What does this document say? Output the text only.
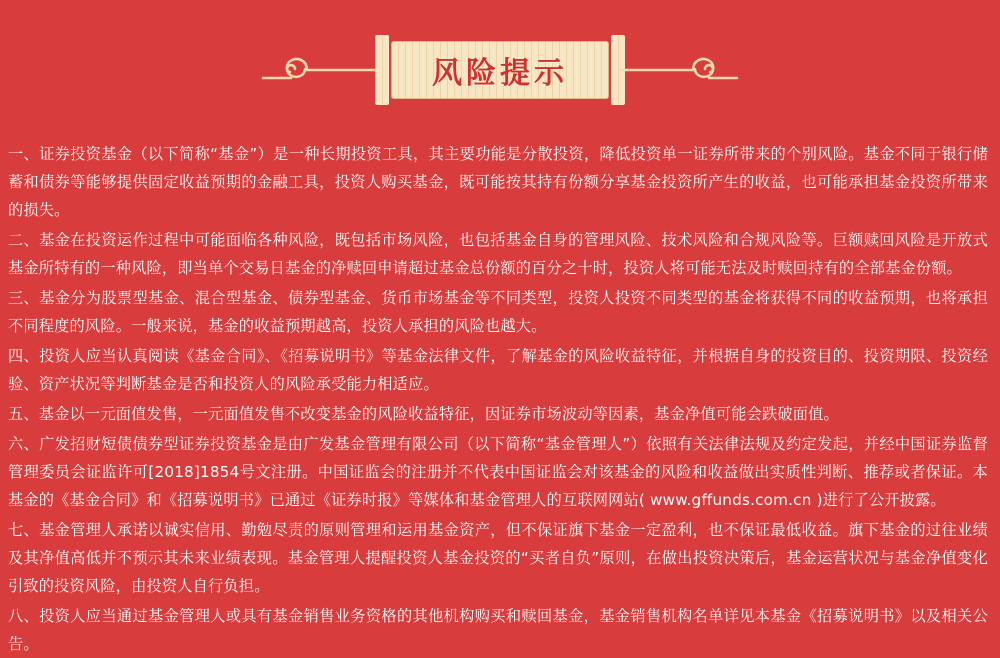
风险提示

一、证券投资基金（以下简称“基金”）是一种长期投资工具，其主要功能是分散投资，降低投资单一证券所带来的个别风险。基金不同于银行储蓄和债券等能够提供固定收益预期的金融工具，投资人购买基金，既可能按其持有份额分享基金投资所产生的收益，也可能承担基金投资所带来的损失。

二、基金在投资运作过程中可能面临各种风险，既包括市场风险，也包括基金自身的管理风险、技术风险和合规风险等。巨额赎回风险是开放式基金所特有的一种风险，即当单个交易日基金的净赎回申请超过基金总份额的百分之十时，投资人将可能无法及时赎回持有的全部基金份额。

三、基金分为股票型基金、混合型基金、债券型基金、货币市场基金等不同类型，投资人投资不同类型的基金将获得不同的收益预期，也将承担不同程度的风险。一般来说，基金的收益预期越高，投资人承担的风险也越大。

四、投资人应当认真阅读《基金合同》、《招募说明书》等基金法律文件，了解基金的风险收益特征，并根据自身的投资目的、投资期限、投资经验、资产状况等判断基金是否和投资人的风险承受能力相适应。

五、基金以一元面值发售，一元面值发售不改变基金的风险收益特征，因证券市场波动等因素，基金净值可能会跌破面值。

六、广发招财短债债券型证券投资基金是由广发基金管理有限公司（以下简称“基金管理人”）依照有关法律法规及约定发起，并经中国证券监督管理委员会证监许可[2018]1854号文注册。中国证监会的注册并不代表中国证监会对该基金的风险和收益做出实质性判断、推荐或者保证。本基金的《基金合同》和《招募说明书》已通过《证券时报》等媒体和基金管理人的互联网网站( www.gffunds.com.cn )进行了公开披露。

七、基金管理人承诺以诚实信用、勤勉尽责的原则管理和运用基金资产，但不保证旗下基金一定盈利，也不保证最低收益。旗下基金的过往业绩及其净值高低并不预示其未来业绩表现。基金管理人提醒投资人基金投资的“买者自负”原则，在做出投资决策后，基金运营状况与基金净值变化引致的投资风险，由投资人自行负担。

八、投资人应当通过基金管理人或具有基金销售业务资格的其他机构购买和赎回基金，基金销售机构名单详见本基金《招募说明书》以及相关公告。
